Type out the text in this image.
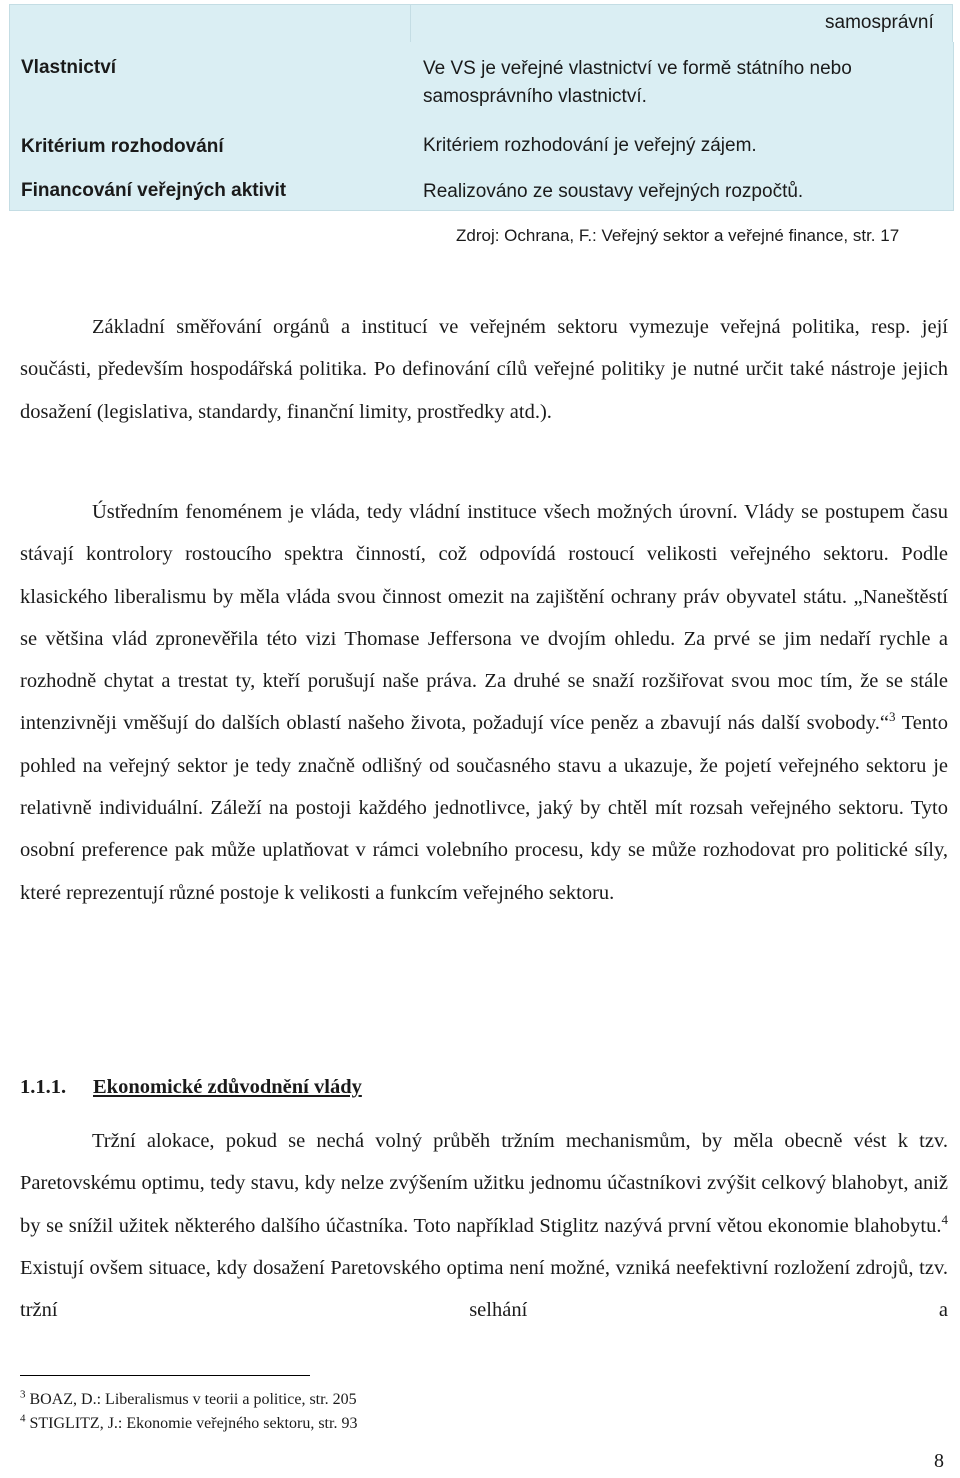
	samosprávní
Vlastnictví	Ve VS je veřejné vlastnictví ve formě státního nebo samosprávního vlastnictví.
Kritérium rozhodování	Kritériem rozhodování je veřejný zájem.
Financování veřejných aktivit	Realizováno ze soustavy veřejných rozpočtů.
Zdroj: Ochrana, F.: Veřejný sektor a veřejné finance, str. 17

Základní směřování orgánů a institucí ve veřejném sektoru vymezuje veřejná politika, resp. její součásti, především hospodářská politika. Po definování cílů veřejné politiky je nutné určit také nástroje jejich dosažení (legislativa, standardy, finanční limity, prostředky atd.).

Ústředním fenoménem je vláda, tedy vládní instituce všech možných úrovní. Vlády se postupem času stávají kontrolory rostoucího spektra činností, což odpovídá rostoucí velikosti veřejného sektoru. Podle klasického liberalismu by měla vláda svou činnost omezit na zajištění ochrany práv obyvatel státu. „Naneštěstí se většina vlád zpronevěřila této vizi Thomase Jeffersona ve dvojím ohledu. Za prvé se jim nedaří rychle a rozhodně chytat a trestat ty, kteří porušují naše práva. Za druhé se snaží rozšiřovat svou moc tím, že se stále intenzivněji vměšují do dalších oblastí našeho života, požadují více peněz a zbavují nás další svobody.“$^3$ Tento pohled na veřejný sektor je tedy značně odlišný od současného stavu a ukazuje, že pojetí veřejného sektoru je relativně individuální. Záleží na postoji každého jednotlivce, jaký by chtěl mít rozsah veřejného sektoru. Tyto osobní preference pak může uplatňovat v rámci volebního procesu, kdy se může rozhodovat pro politické síly, které reprezentují různé postoje k velikosti a funkcím veřejného sektoru.

1.1.1. Ekonomické zdůvodnění vlády

Tržní alokace, pokud se nechá volný průběh tržním mechanismům, by měla obecně vést k tzv. Paretovskému optimu, tedy stavu, kdy nelze zvýšením užitku jednomu účastníkovi zvýšit celkový blahobyt, aniž by se snížil užitek některého dalšího účastníka. Toto například Stiglitz nazývá první větou ekonomie blahobytu.$^4$ Existují ovšem situace, kdy dosažení Paretovského optima není možné, vzniká neefektivní rozložení zdrojů, tzv. tržní selhání a

$^3$ BOAZ, D.: Liberalismus v teorii a politice, str. 205
$^4$ STIGLITZ, J.: Ekonomie veřejného sektoru, str. 93
8
